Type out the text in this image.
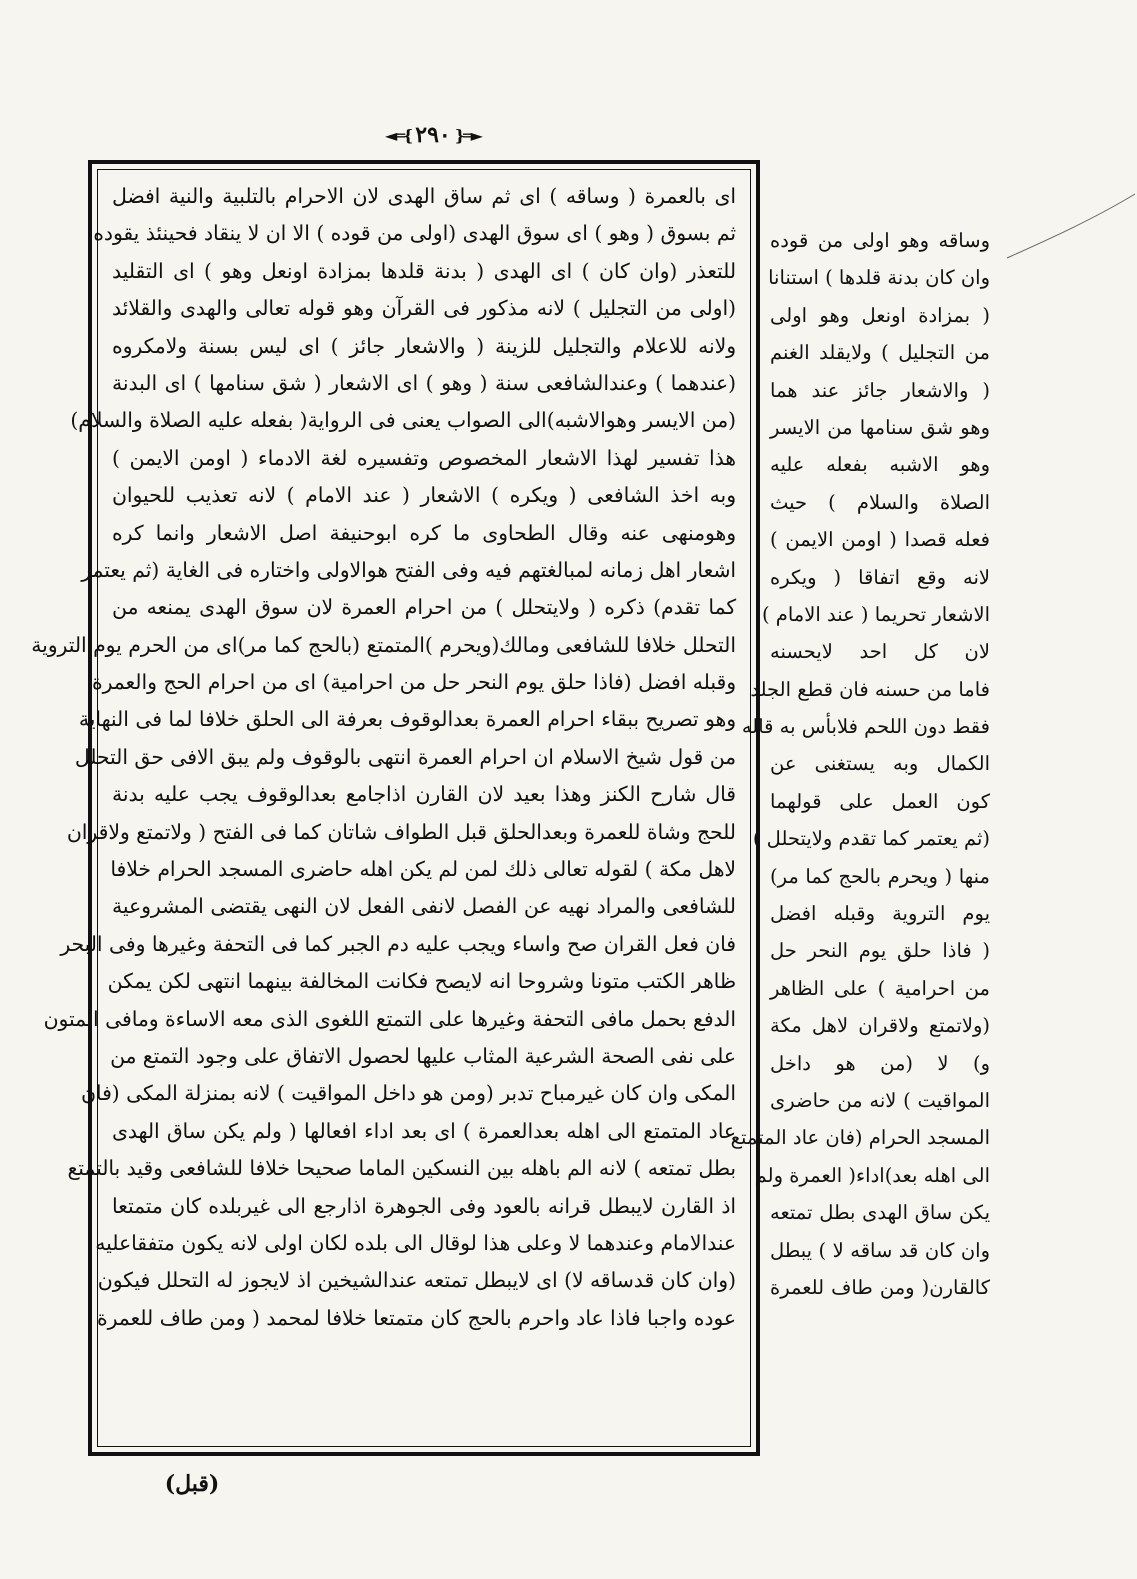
◄═{ ٢٩٠ }═►
اى بالعمرة ( وساقه ) اى ثم ساق الهدى لان الاحرام بالتلبية والنية افضل
ثم بسوق ( وهو ) اى سوق الهدى (اولى من قوده ) الا ان لا ينقاد فحينئذ يقوده
للتعذر (وان كان ) اى الهدى ( بدنة قلدها بمزادة اونعل وهو ) اى التقليد
(اولى من التجليل ) لانه مذكور فى القرآن وهو قوله تعالى والهدى والقلائد
ولانه للاعلام والتجليل للزينة ( والاشعار جائز ) اى ليس بسنة ولامكروه
(عندهما ) وعندالشافعى سنة ( وهو ) اى الاشعار ( شق سنامها ) اى البدنة
(من الايسر وهوالاشبه)الى الصواب يعنى فى الرواية( بفعله عليه الصلاة والسلام)
هذا تفسير لهذا الاشعار المخصوص وتفسيره لغة الادماء ( اومن الايمن )
وبه اخذ الشافعى ( ويكره ) الاشعار ( عند الامام ) لانه تعذيب للحيوان
وهومنهى عنه وقال الطحاوى ما كره ابوحنيفة اصل الاشعار وانما كره
اشعار اهل زمانه لمبالغتهم فيه وفى الفتح هوالاولى واختاره فى الغاية (ثم يعتمر
كما تقدم) ذكره ( ولايتحلل ) من احرام العمرة لان سوق الهدى يمنعه من
التحلل خلافا للشافعى ومالك(ويحرم )المتمتع (بالحج كما مر)اى من الحرم يوم التروية
وقبله افضل (فاذا حلق يوم النحر حل من احرامية) اى من احرام الحج والعمرة
وهو تصريح ببقاء احرام العمرة بعدالوقوف بعرفة الى الحلق خلافا لما فى النهاية
من قول شيخ الاسلام ان احرام العمرة انتهى بالوقوف ولم يبق الافى حق التحلل
قال شارح الكنز وهذا بعيد لان القارن اذاجامع بعدالوقوف يجب عليه بدنة
للحج وشاة للعمرة وبعدالحلق قبل الطواف شاتان كما فى الفتح ( ولاتمتع ولاقران
لاهل مكة ) لقوله تعالى ذلك لمن لم يكن اهله حاضرى المسجد الحرام خلافا
للشافعى والمراد نهيه عن الفصل لانفى الفعل لان النهى يقتضى المشروعية
فان فعل القران صح واساء ويجب عليه دم الجبر كما فى التحفة وغيرها وفى البحر
ظاهر الكتب متونا وشروحا انه لايصح فكانت المخالفة بينهما انتهى لكن يمكن
الدفع بحمل مافى التحفة وغيرها على التمتع اللغوى الذى معه الاساءة ومافى المتون
على نفى الصحة الشرعية المثاب عليها لحصول الاتفاق على وجود التمتع من
المكى وان كان غيرمباح تدبر (ومن هو داخل المواقيت ) لانه بمنزلة المكى (فان
عاد المتمتع الى اهله بعدالعمرة ) اى بعد اداء افعالها ( ولم يكن ساق الهدى
بطل تمتعه ) لانه الم باهله بين النسكين الماما صحيحا خلافا للشافعى وقيد بالتمتع
اذ القارن لايبطل قرانه بالعود وفى الجوهرة اذارجع الى غيربلده كان متمتعا
عندالامام وعندهما لا وعلى هذا لوقال الى بلده لكان اولى لانه يكون متفقاعليه
(وان كان قدساقه لا) اى لايبطل تمتعه عندالشيخين اذ لايجوز له التحلل فيكون
عوده واجبا فاذا عاد واحرم بالحج كان متمتعا خلافا لمحمد ( ومن طاف للعمرة
وساقه وهو اولى من قوده
وان كان بدنة قلدها ) استنانا
( بمزادة اونعل وهو اولى
من التجليل ) ولايقلد الغنم
( والاشعار جائز عند هما
وهو شق سنامها من الايسر
وهو الاشبه بفعله عليه
الصلاة والسلام ) حيث
فعله قصدا ( اومن الايمن )
لانه وقع اتفاقا ( ويكره
الاشعار تحريما ( عند الامام )
لان كل احد لايحسنه
فاما من حسنه فان قطع الجلد
فقط دون اللحم فلابأس به قاله
الكمال وبه يستغنى عن
كون العمل على قولهما
(ثم يعتمر كما تقدم ولايتحلل )
منها ( ويحرم بالحج كما مر)
يوم التروية وقبله افضل
( فاذا حلق يوم النحر حل
من احرامية ) على الظاهر
(ولاتمتع ولاقران لاهل مكة
و) لا (من هو داخل
المواقيت ) لانه من حاضرى
المسجد الحرام (فان عاد المتمتع
الى اهله بعد)اداء( العمرة ولم
يكن ساق الهدى بطل تمتعه
وان كان قد ساقه لا ) يبطل
كالقارن( ومن طاف للعمرة
(قبل)
